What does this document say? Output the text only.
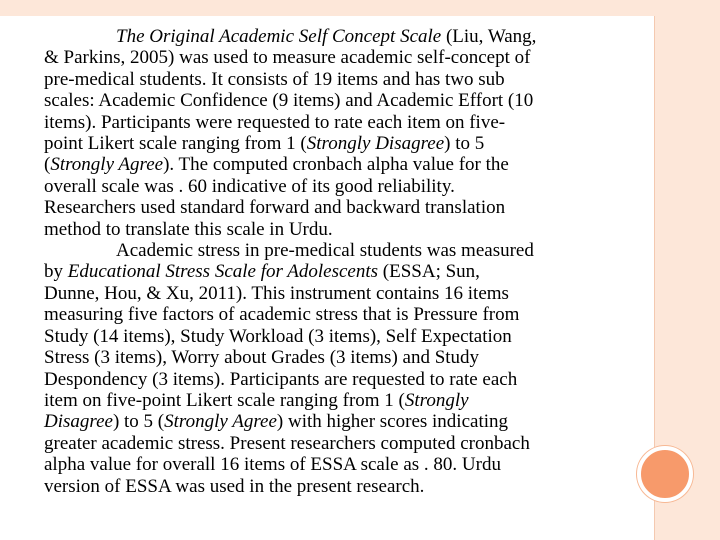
The Original Academic Self Concept Scale (Liu, Wang,
& Parkins, 2005) was used to measure academic self-concept of
pre-medical students. It consists of 19 items and has two sub
scales: Academic Confidence (9 items) and Academic Effort (10
items). Participants were requested to rate each item on five-
point Likert scale ranging from 1 (Strongly Disagree) to 5
(Strongly Agree). The computed cronbach alpha value for the
overall scale was . 60 indicative of its good reliability.
Researchers used standard forward and backward translation
method to translate this scale in Urdu.

Academic stress in pre-medical students was measured
by Educational Stress Scale for Adolescents (ESSA; Sun,
Dunne, Hou, & Xu, 2011). This instrument contains 16 items
measuring five factors of academic stress that is Pressure from
Study (14 items), Study Workload (3 items), Self Expectation
Stress (3 items), Worry about Grades (3 items) and Study
Despondency (3 items). Participants are requested to rate each
item on five-point Likert scale ranging from 1 (Strongly
Disagree) to 5 (Strongly Agree) with higher scores indicating
greater academic stress. Present researchers computed cronbach
alpha value for overall 16 items of ESSA scale as . 80. Urdu
version of ESSA was used in the present research.
